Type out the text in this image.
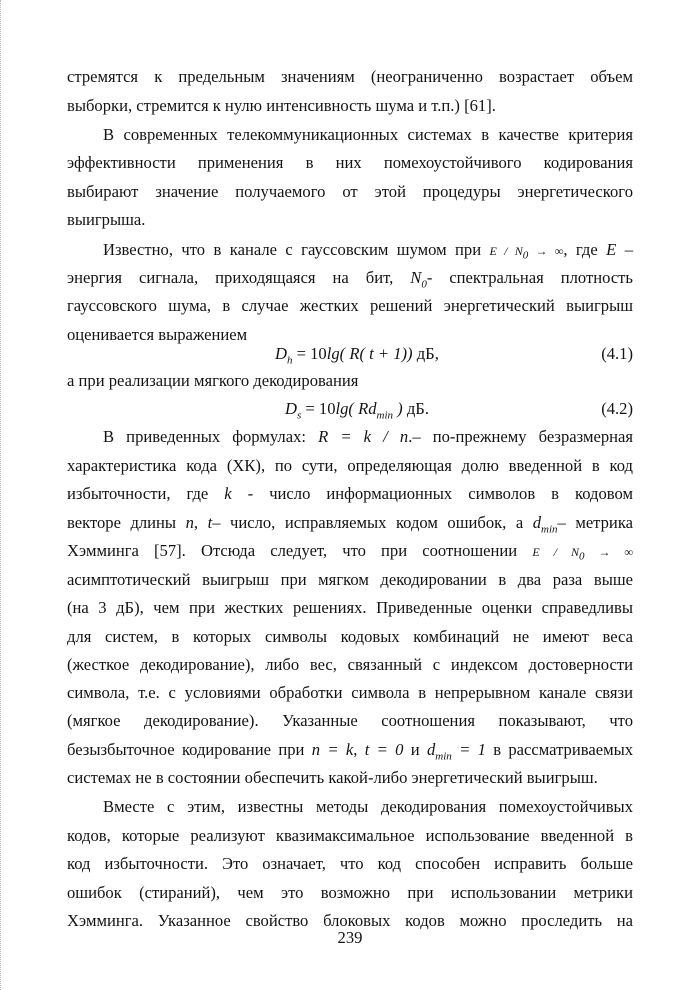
стремятся к предельным значениям (неограниченно возрастает объем
выборки, стремится к нулю интенсивность шума и т.п.) [61].
В современных телекоммуникационных системах в качестве критерия
эффективности применения в них помехоустойчивого кодирования
выбирают значение получаемого от этой процедуры энергетического
выигрыша.
Известно, что в канале с гауссовским шумом при E / $N_0$ → ∞, где E –
энергия сигнала, приходящаяся на бит, $N_0-$ спектральная плотность
гауссовского шума, в случае жестких решений энергетический выигрыш
оценивается выражением
$D_h = 10\lg$( R( t + 1)) дБ,	(4.1)
а при реализации мягкого декодирования
$D_s = 10\lg$( $Rd_{min}$ ) дБ.	(4.2)
В приведенных формулах: R = k / n.– по-прежнему безразмерная
характеристика кода (ХК), по сути, определяющая долю введенной в код
избыточности, где k - число информационных символов в кодовом
векторе длины n, t– число, исправляемых кодом ошибок, а $d_{min}-$ метрика
Хэмминга [57]. Отсюда следует, что при соотношении E / $N_0$ → ∞
асимптотический выигрыш при мягком декодировании в два раза выше
(на 3 дБ), чем при жестких решениях. Приведенные оценки справедливы
для систем, в которых символы кодовых комбинаций не имеют веса
(жесткое декодирование), либо вес, связанный с индексом достоверности
символа, т.е. с условиями обработки символа в непрерывном канале связи
(мягкое декодирование). Указанные соотношения показывают, что
безызбыточное кодирование при n = k, t = 0 и $d_{min} = 1$ в рассматриваемых
системах не в состоянии обеспечить какой-либо энергетический выигрыш.
Вместе с этим, известны методы декодирования помехоустойчивых
кодов, которые реализуют квазимаксимальное использование введенной в
код избыточности. Это означает, что код способен исправить больше
ошибок (стираний), чем это возможно при использовании метрики
Хэмминга. Указанное свойство блоковых кодов можно проследить на
239
